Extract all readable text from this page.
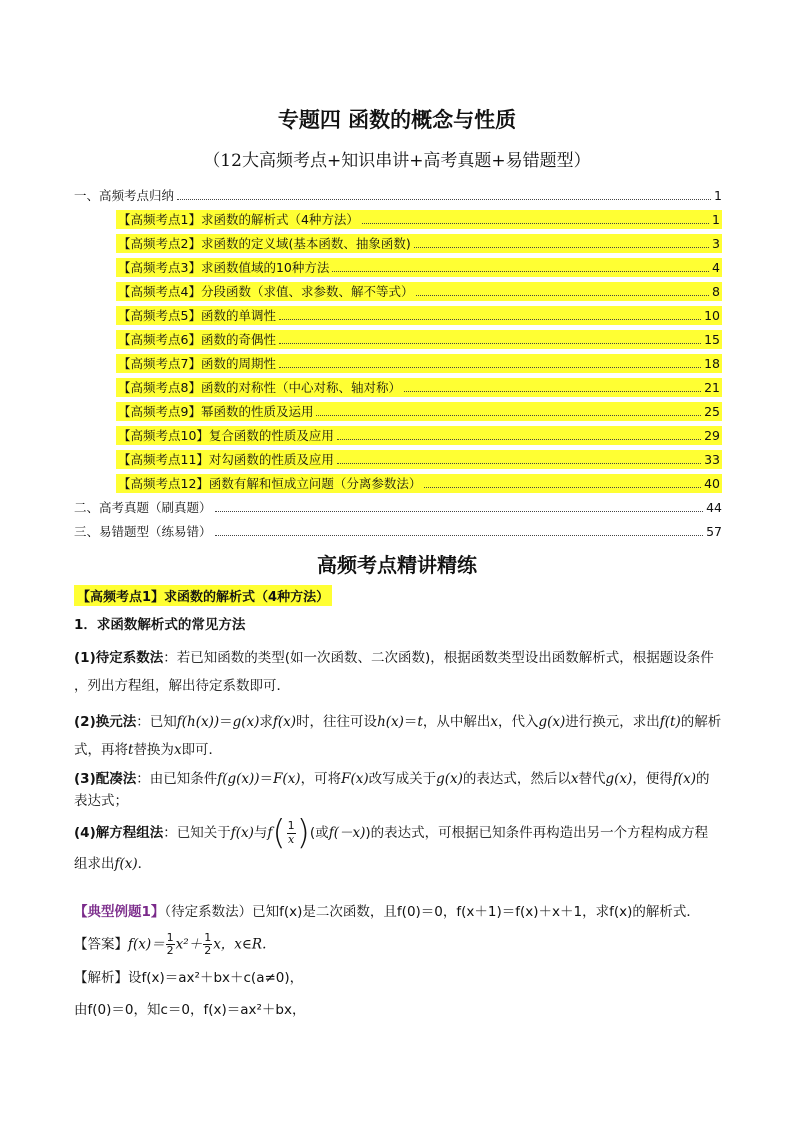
专题四 函数的概念与性质
（12大高频考点+知识串讲+高考真题+易错题型）
一、高频考点归纳	1
【高频考点1】求函数的解析式（4种方法）	1
【高频考点2】求函数的定义域(基本函数、抽象函数)	3
【高频考点3】求函数值域的10种方法	4
【高频考点4】分段函数（求值、求参数、解不等式）	8
【高频考点5】函数的单调性	10
【高频考点6】函数的奇偶性	15
【高频考点7】函数的周期性	18
【高频考点8】函数的对称性（中心对称、轴对称）	21
【高频考点9】幂函数的性质及运用	25
【高频考点10】复合函数的性质及应用	29
【高频考点11】对勾函数的性质及应用	33
【高频考点12】函数有解和恒成立问题（分离参数法）	40
二、高考真题（刷真题）	44
三、易错题型（练易错）	57
高频考点精讲精练
【高频考点1】求函数的解析式（4种方法）
1．求函数解析式的常见方法
(1)待定系数法：若已知函数的类型(如一次函数、二次函数)，根据函数类型设出函数解析式，根据题设条件
，列出方程组，解出待定系数即可．
(2)换元法：已知f(h(x))＝g(x)求f(x)时，往往可设h(x)＝t，从中解出x，代入g(x)进行换元，求出f(t)的解析
式，再将t替换为x即可．
(3)配凑法：由已知条件f(g(x))＝F(x)，可将F(x)改写成关于g(x)的表达式，然后以x替代g(x)，便得f(x)的
表达式；
(4)解方程组法：已知关于f(x)与$f( \frac{1}{x}$ )(或f(－x))的表达式，可根据已知条件再构造出另一个方程构成方程
组求出f(x)．
【典型例题1】（待定系数法）已知f(x)是二次函数，且f(0)＝0，f(x＋1)＝f(x)＋x＋1，求f(x)的解析式．
【答案】$f(x)= \frac{1}{2} x^2+ \frac{1}{2}$ x，x∈R.
【解析】设f(x)＝ax²＋bx＋c(a≠0)，
由f(0)＝0，知c＝0，f(x)＝ax²＋bx，
